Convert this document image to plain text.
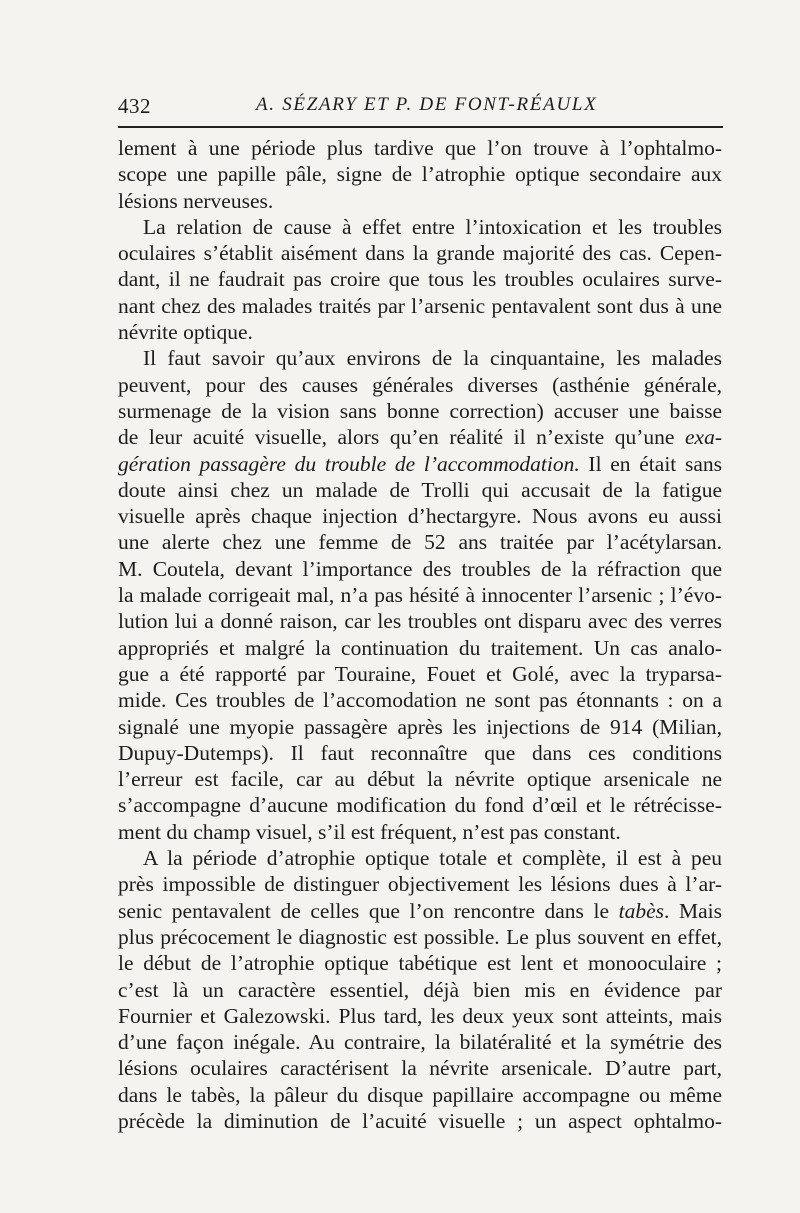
432	A. SÉZARY ET P. DE FONT-RÉAULX
lement à une période plus tardive que l’on trouve à l’ophtalmo-
scope une papille pâle, signe de l’atrophie optique secondaire aux
lésions nerveuses.
La relation de cause à effet entre l’intoxication et les troubles
oculaires s’établit aisément dans la grande majorité des cas. Cepen-
dant, il ne faudrait pas croire que tous les troubles oculaires surve-
nant chez des malades traités par l’arsenic pentavalent sont dus à une
névrite optique.
Il faut savoir qu’aux environs de la cinquantaine, les malades
peuvent, pour des causes générales diverses (asthénie générale,
surmenage de la vision sans bonne correction) accuser une baisse
de leur acuité visuelle, alors qu’en réalité il n’existe qu’une exa-
gération passagère du trouble de l’accommodation. Il en était sans
doute ainsi chez un malade de Trolli qui accusait de la fatigue
visuelle après chaque injection d’hectargyre. Nous avons eu aussi
une alerte chez une femme de 52 ans traitée par l’acétylarsan.
M. Coutela, devant l’importance des troubles de la réfraction que
la malade corrigeait mal, n’a pas hésité à innocenter l’arsenic ; l’évo-
lution lui a donné raison, car les troubles ont disparu avec des verres
appropriés et malgré la continuation du traitement. Un cas analo-
gue a été rapporté par Touraine, Fouet et Golé, avec la tryparsa-
mide. Ces troubles de l’accomodation ne sont pas étonnants : on a
signalé une myopie passagère après les injections de 914 (Milian,
Dupuy-Dutemps). Il faut reconnaître que dans ces conditions
l’erreur est facile, car au début la névrite optique arsenicale ne
s’accompagne d’aucune modification du fond d’œil et le rétrécisse-
ment du champ visuel, s’il est fréquent, n’est pas constant.
A la période d’atrophie optique totale et complète, il est à peu
près impossible de distinguer objectivement les lésions dues à l’ar-
senic pentavalent de celles que l’on rencontre dans le tabès. Mais
plus précocement le diagnostic est possible. Le plus souvent en effet,
le début de l’atrophie optique tabétique est lent et monooculaire ;
c’est là un caractère essentiel, déjà bien mis en évidence par
Fournier et Galezowski. Plus tard, les deux yeux sont atteints, mais
d’une façon inégale. Au contraire, la bilatéralité et la symétrie des
lésions oculaires caractérisent la névrite arsenicale. D’autre part,
dans le tabès, la pâleur du disque papillaire accompagne ou même
précède la diminution de l’acuité visuelle ; un aspect ophtalmo-
